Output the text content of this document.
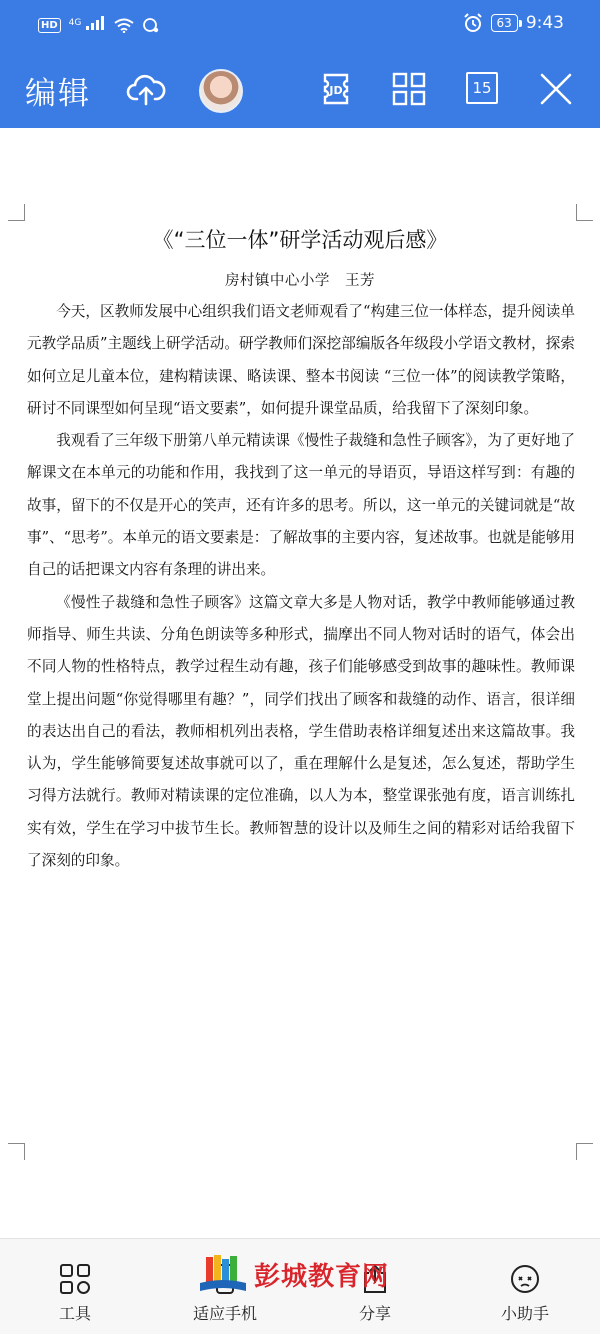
HD	$^{4G}$	63 9:43
编辑	JD	15
《“三位一体”研学活动观后感》
房村镇中心小学 王芳

今天，区教师发展中心组织我们语文老师观看了“构建三位一体样态，提升阅读单元教学品质”主题线上研学活动。研学教师们深挖部编版各年级段小学语文教材，探索如何立足儿童本位，建构精读课、略读课、整本书阅读 “三位一体”的阅读教学策略，研讨不同课型如何呈现“语文要素”，如何提升课堂品质，给我留下了深刻印象。

我观看了三年级下册第八单元精读课《慢性子裁缝和急性子顾客》，为了更好地了解课文在本单元的功能和作用，我找到了这一单元的导语页，导语这样写到：有趣的故事，留下的不仅是开心的笑声，还有许多的思考。所以，这一单元的关键词就是“故事”、“思考”。本单元的语文要素是：了解故事的主要内容，复述故事。也就是能够用自己的话把课文内容有条理的讲出来。

《慢性子裁缝和急性子顾客》这篇文章大多是人物对话，教学中教师能够通过教师指导、师生共读、分角色朗读等多种形式，揣摩出不同人物对话时的语气，体会出不同人物的性格特点，教学过程生动有趣，孩子们能够感受到故事的趣味性。教师课堂上提出问题“你觉得哪里有趣？”，同学们找出了顾客和裁缝的动作、语言，很详细的表达出自己的看法，教师相机列出表格，学生借助表格详细复述出来这篇故事。我认为，学生能够简要复述故事就可以了，重在理解什么是复述，怎么复述，帮助学生习得方法就行。教师对精读课的定位准确，以人为本，整堂课张弛有度，语言训练扎实有效，学生在学习中拔节生长。教师智慧的设计以及师生之间的精彩对话给我留下了深刻的印象。

工具	适应手机	分享	小助手
彭城教育网
